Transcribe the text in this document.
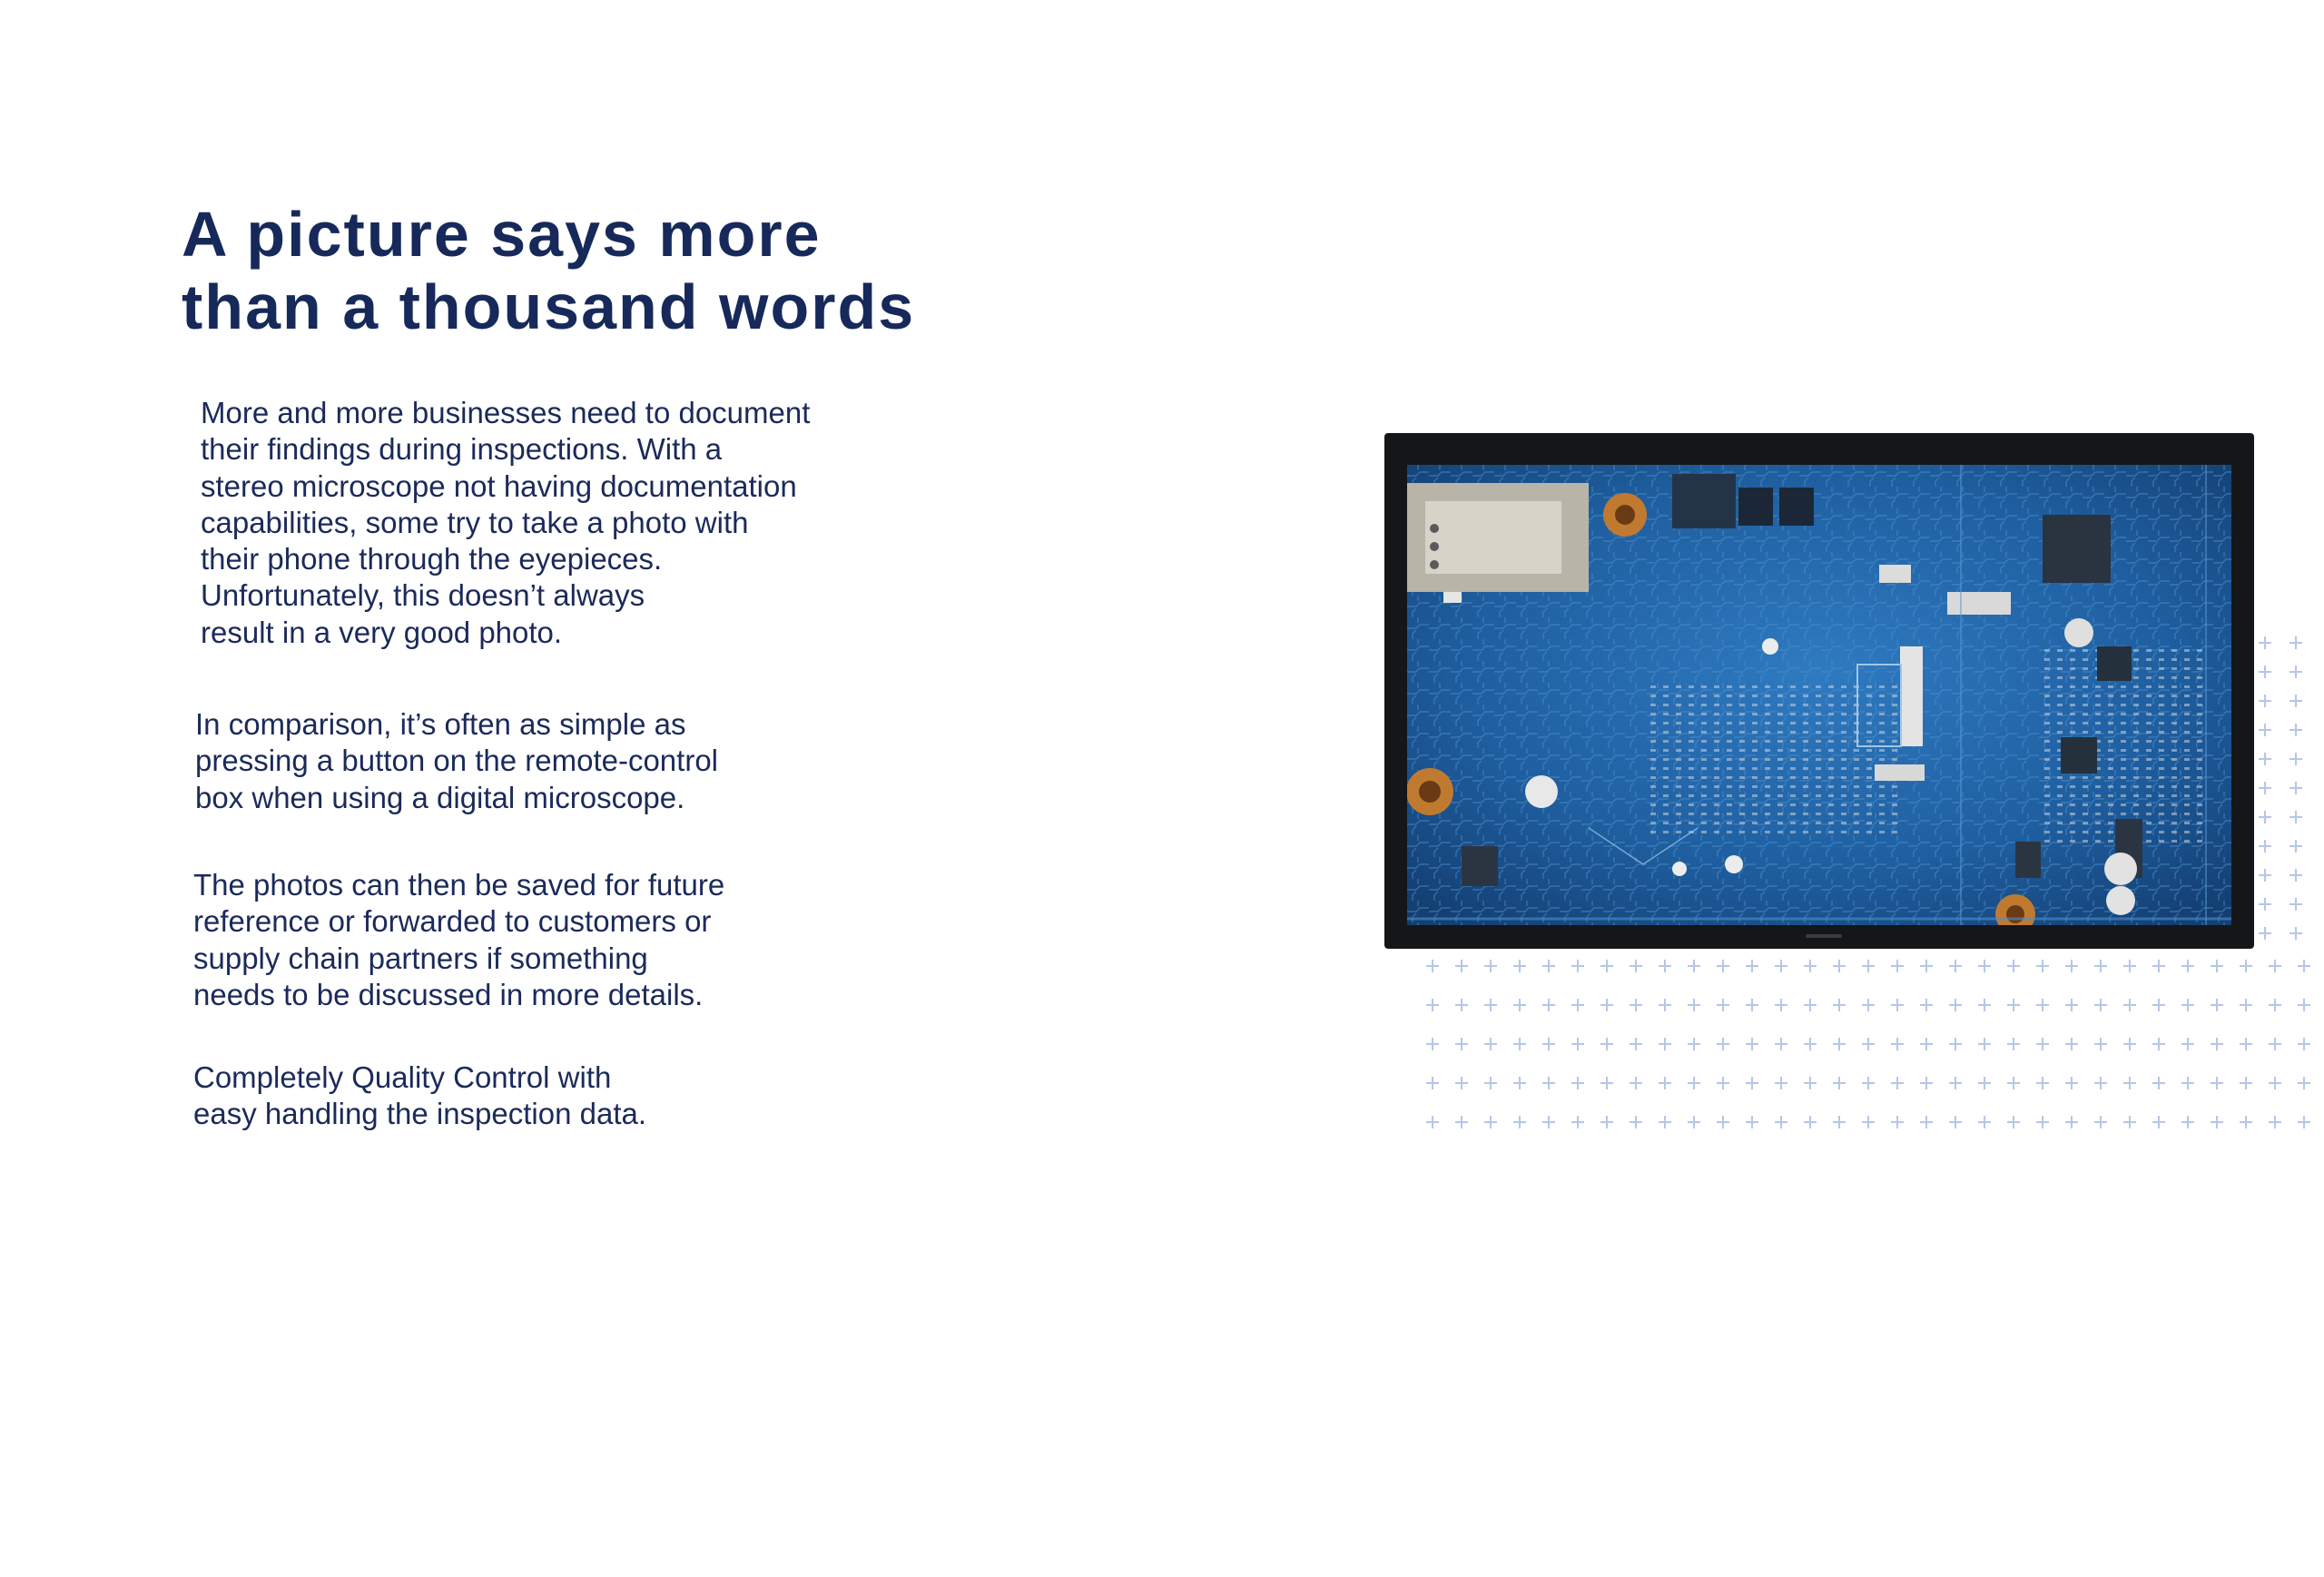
A picture says more
than a thousand words

More and more businesses need to document
their findings during inspections. With a
stereo microscope not having documentation
capabilities, some try to take a photo with
their phone through the eyepieces.
Unfortunately, this doesn’t always
result in a very good photo.

In comparison, it’s often as simple as
pressing a button on the remote-control
box when using a digital microscope.

The photos can then be saved for future
reference or forwarded to customers or
supply chain partners if something
needs to be discussed in more details.

Completely Quality Control with
easy handling the inspection data.
